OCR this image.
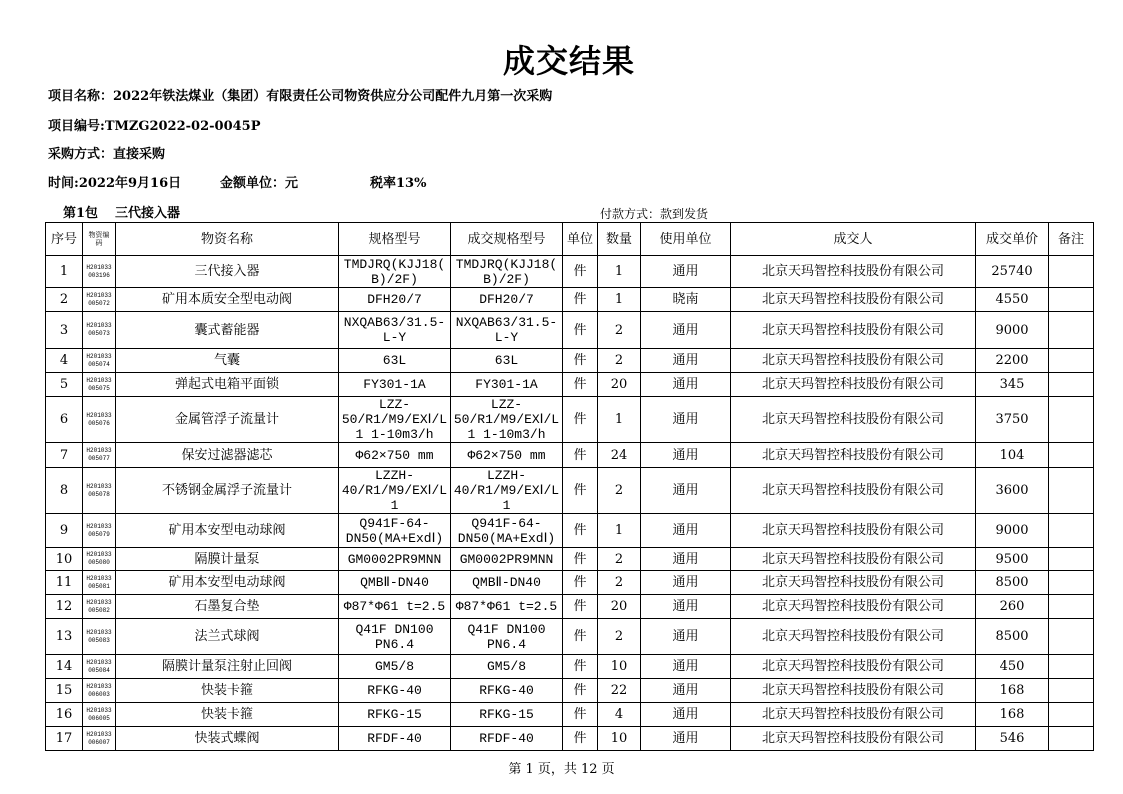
成交结果
项目名称：2022年铁法煤业（集团）有限责任公司物资供应分公司配件九月第一次采购
项目编号:TMZG2022-02-0045P
采购方式：直接采购
时间:2022年9月16日	金额单位：元	税率13%
第1包 三代接入器	付款方式：款到发货
序号	物资编码	物资名称	规格型号	成交规格型号	单位	数量	使用单位	成交人	成交单价	备注

1	H201033003196	三代接入器	TMDJRQ(KJJ18(B)/2F)	TMDJRQ(KJJ18(B)/2F)	件	1	通用	北京天玛智控科技股份有限公司	25740	

2	H201033005072	矿用本质安全型电动阀	DFH20/7	DFH20/7	件	1	晓南	北京天玛智控科技股份有限公司	4550	

3	H201033005073	囊式蓄能器	NXQAB63/31.5-L-Y	NXQAB63/31.5-L-Y	件	2	通用	北京天玛智控科技股份有限公司	9000	

4	H201033005074	气囊	63L	63L	件	2	通用	北京天玛智控科技股份有限公司	2200	

5	H201033005075	弹起式电箱平面锁	FY301-1A	FY301-1A	件	20	通用	北京天玛智控科技股份有限公司	345	

6	H201033005076	金属管浮子流量计	LZZ-50/R1/M9/EXⅠ/L1 1-10m3/h	LZZ-50/R1/M9/EXⅠ/L1 1-10m3/h	件	1	通用	北京天玛智控科技股份有限公司	3750	

7	H201033005077	保安过滤器滤芯	Φ62×750 mm	Φ62×750 mm	件	24	通用	北京天玛智控科技股份有限公司	104	

8	H201033005078	不锈钢金属浮子流量计	LZZH-40/R1/M9/EXⅠ/L1	LZZH-40/R1/M9/EXⅠ/L1	件	2	通用	北京天玛智控科技股份有限公司	3600	

9	H201033005079	矿用本安型电动球阀	Q941F-64-DN50(MA+ExdⅠ)	Q941F-64-DN50(MA+ExdⅠ)	件	1	通用	北京天玛智控科技股份有限公司	9000	

10	H201033005080	隔膜计量泵	GM0002PR9MNN	GM0002PR9MNN	件	2	通用	北京天玛智控科技股份有限公司	9500	

11	H201033005081	矿用本安型电动球阀	QMBⅡ-DN40	QMBⅡ-DN40	件	2	通用	北京天玛智控科技股份有限公司	8500	

12	H201033005082	石墨复合垫	Φ87*Φ61 t=2.5	Φ87*Φ61 t=2.5	件	20	通用	北京天玛智控科技股份有限公司	260	

13	H201033005083	法兰式球阀	Q41F DN100 PN6.4	Q41F DN100 PN6.4	件	2	通用	北京天玛智控科技股份有限公司	8500	

14	H201033005084	隔膜计量泵注射止回阀	GM5/8	GM5/8	件	10	通用	北京天玛智控科技股份有限公司	450	

15	H201033006003	快装卡箍	RFKG-40	RFKG-40	件	22	通用	北京天玛智控科技股份有限公司	168	

16	H201033006005	快装卡箍	RFKG-15	RFKG-15	件	4	通用	北京天玛智控科技股份有限公司	168	

17	H201033006007	快装式蝶阀	RFDF-40	RFDF-40	件	10	通用	北京天玛智控科技股份有限公司	546	

第 1 页，共 12 页
